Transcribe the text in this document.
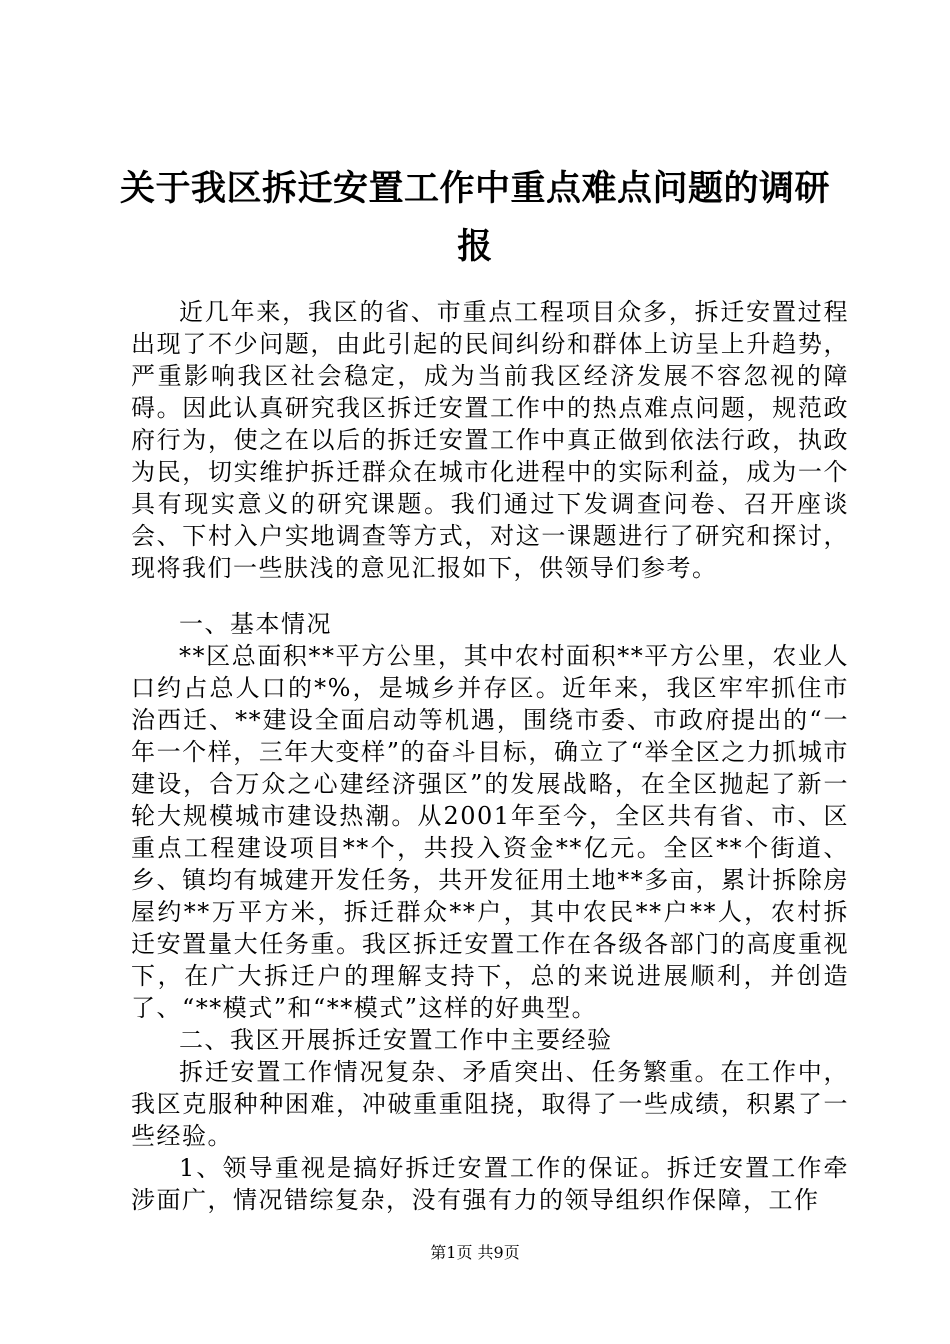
关于我区拆迁安置工作中重点难点问题的调研报

近几年来，我区的省、市重点工程项目众多，拆迁安置过程出现了不少问题，由此引起的民间纠纷和群体上访呈上升趋势，严重影响我区社会稳定，成为当前我区经济发展不容忽视的障碍。因此认真研究我区拆迁安置工作中的热点难点问题，规范政府行为，使之在以后的拆迁安置工作中真正做到依法行政，执政为民，切实维护拆迁群众在城市化进程中的实际利益，成为一个具有现实意义的研究课题。我们通过下发调查问卷、召开座谈会、下村入户实地调查等方式，对这一课题进行了研究和探讨，现将我们一些肤浅的意见汇报如下，供领导们参考。

一、基本情况

**区总面积**平方公里，其中农村面积**平方公里，农业人口约占总人口的*%，是城乡并存区。近年来，我区牢牢抓住市治西迁、**建设全面启动等机遇，围绕市委、市政府提出的“一年一个样，三年大变样”的奋斗目标，确立了“举全区之力抓城市建设，合万众之心建经济强区”的发展战略，在全区抛起了新一轮大规模城市建设热潮。从2001年至今，全区共有省、市、区重点工程建设项目**个，共投入资金**亿元。全区**个街道、乡、镇均有城建开发任务，共开发征用土地**多亩，累计拆除房屋约**万平方米，拆迁群众**户，其中农民**户**人，农村拆迁安置量大任务重。我区拆迁安置工作在各级各部门的高度重视下，在广大拆迁户的理解支持下，总的来说进展顺利，并创造了、“**模式”和“**模式”这样的好典型。

二、我区开展拆迁安置工作中主要经验

拆迁安置工作情况复杂、矛盾突出、任务繁重。在工作中，我区克服种种困难，冲破重重阻挠，取得了一些成绩，积累了一些经验。

1、领导重视是搞好拆迁安置工作的保证。拆迁安置工作牵涉面广，情况错综复杂，没有强有力的领导组织作保障，工作

第1页 共9页
